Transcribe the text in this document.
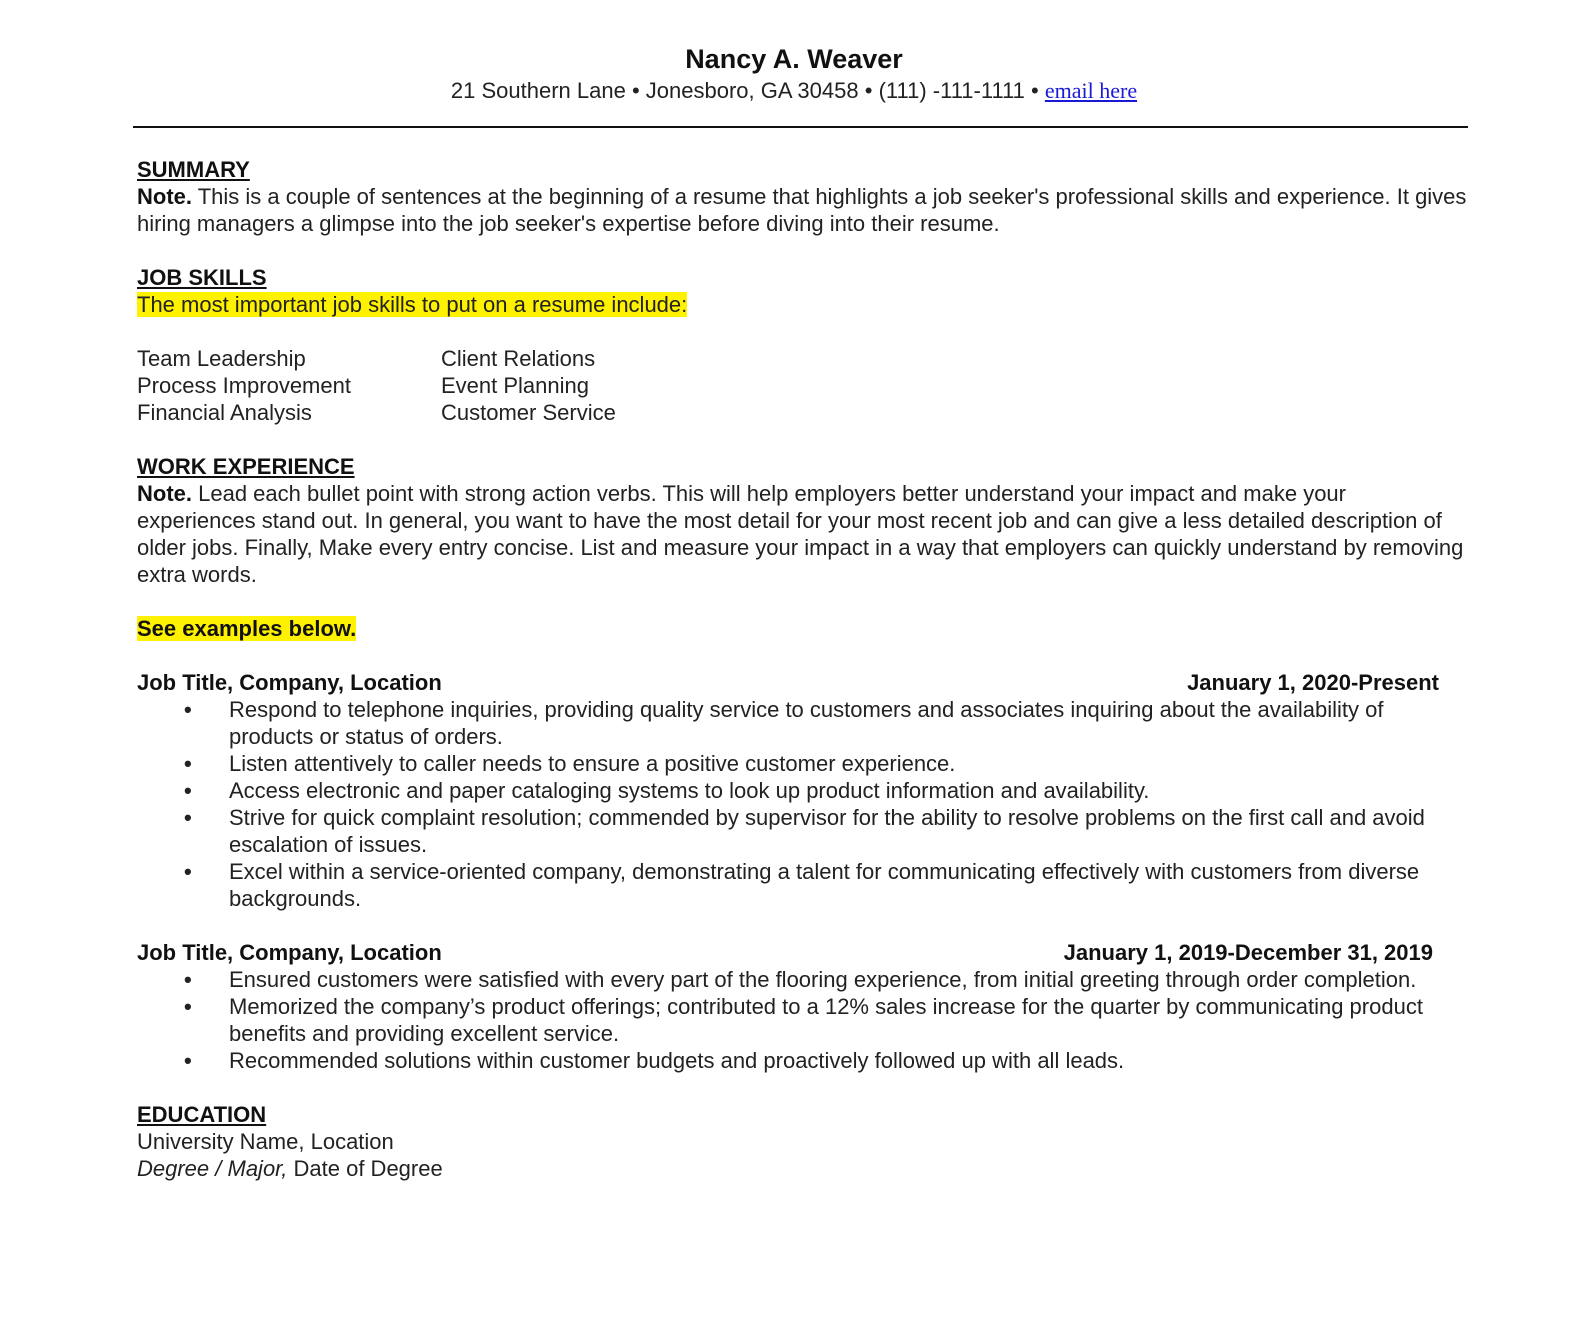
Nancy A. Weaver
21 Southern Lane • Jonesboro, GA 30458 • (111) -111-1111 • email here
SUMMARY

Note. This is a couple of sentences at the beginning of a resume that highlights a job seeker's professional skills and experience. It gives hiring managers a glimpse into the job seeker's expertise before diving into their resume.

JOB SKILLS

The most important job skills to put on a resume include:

Team Leadership	Client Relations
Process Improvement	Event Planning
Financial Analysis	Customer Service
WORK EXPERIENCE

Note. Lead each bullet point with strong action verbs. This will help employers better understand your impact and make your experiences stand out. In general, you want to have the most detail for your most recent job and can give a less detailed description of older jobs. Finally, Make every entry concise. List and measure your impact in a way that employers can quickly understand by removing extra words.

See examples below.

Job Title, Company, Location	January 1, 2020-Present
• Respond to telephone inquiries, providing quality service to customers and associates inquiring about the availability of products or status of orders.
• Listen attentively to caller needs to ensure a positive customer experience.
• Access electronic and paper cataloging systems to look up product information and availability.
• Strive for quick complaint resolution; commended by supervisor for the ability to resolve problems on the first call and avoid escalation of issues.
• Excel within a service-oriented company, demonstrating a talent for communicating effectively with customers from diverse backgrounds.
Job Title, Company, Location	January 1, 2019-December 31, 2019
• Ensured customers were satisfied with every part of the flooring experience, from initial greeting through order completion.
• Memorized the company’s product offerings; contributed to a 12% sales increase for the quarter by communicating product benefits and providing excellent service.
• Recommended solutions within customer budgets and proactively followed up with all leads.
EDUCATION

University Name, Location

Degree / Major, Date of Degree
